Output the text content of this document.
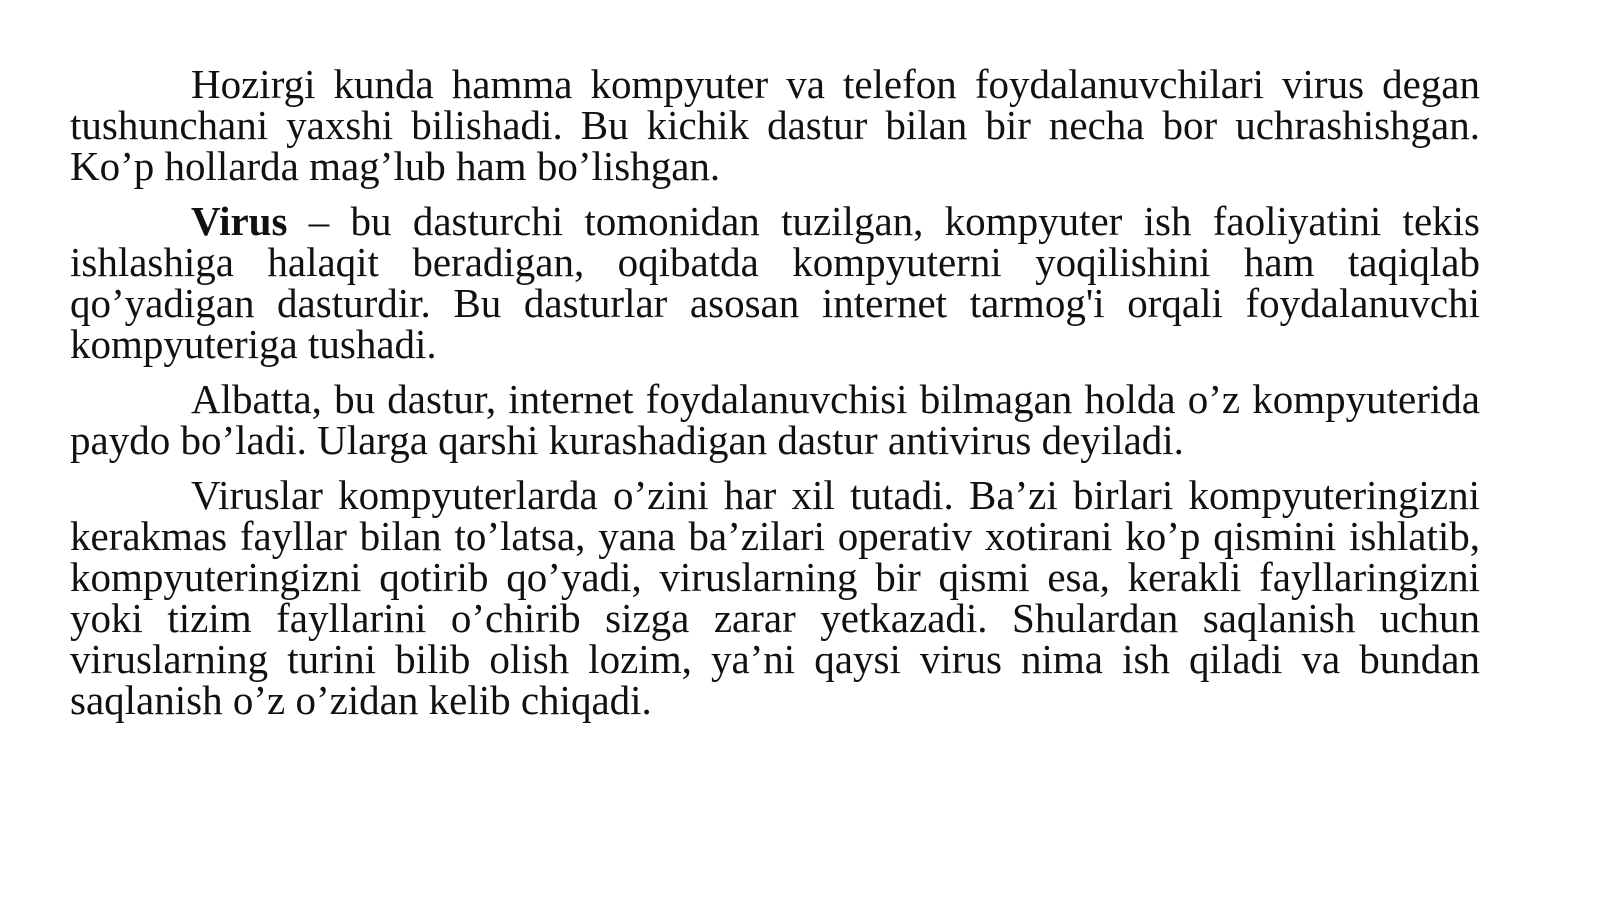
Hozirgi kunda hamma kompyuter va telefon foydalanuvchilari virus degan tushunchani yaxshi bilishadi. Bu kichik dastur bilan bir necha bor uchrashishgan. Ko’p hollarda mag’lub ham bo’lishgan.

Virus – bu dasturchi tomonidan tuzilgan, kompyuter ish faoliyatini tekis ishlashiga halaqit beradigan, oqibatda kompyuterni yoqilishini ham taqiqlab qo’yadigan dasturdir. Bu dasturlar asosan internet tarmog'i orqali foydalanuvchi kompyuteriga tushadi.

Albatta, bu dastur, internet foydalanuvchisi bilmagan holda o’z kompyuterida paydo bo’ladi. Ularga qarshi kurashadigan dastur antivirus deyiladi.

Viruslar kompyuterlarda o’zini har xil tutadi. Ba’zi birlari kompyuteringizni kerakmas fayllar bilan to’latsa, yana ba’zilari operativ xotirani ko’p qismini ishlatib, kompyuteringizni qotirib qo’yadi, viruslarning bir qismi esa, kerakli fayllaringizni yoki tizim fayllarini o’chirib sizga zarar yetkazadi. Shulardan saqlanish uchun viruslarning turini bilib olish lozim, ya’ni qaysi virus nima ish qiladi va bundan saqlanish o’z o’zidan kelib chiqadi.
